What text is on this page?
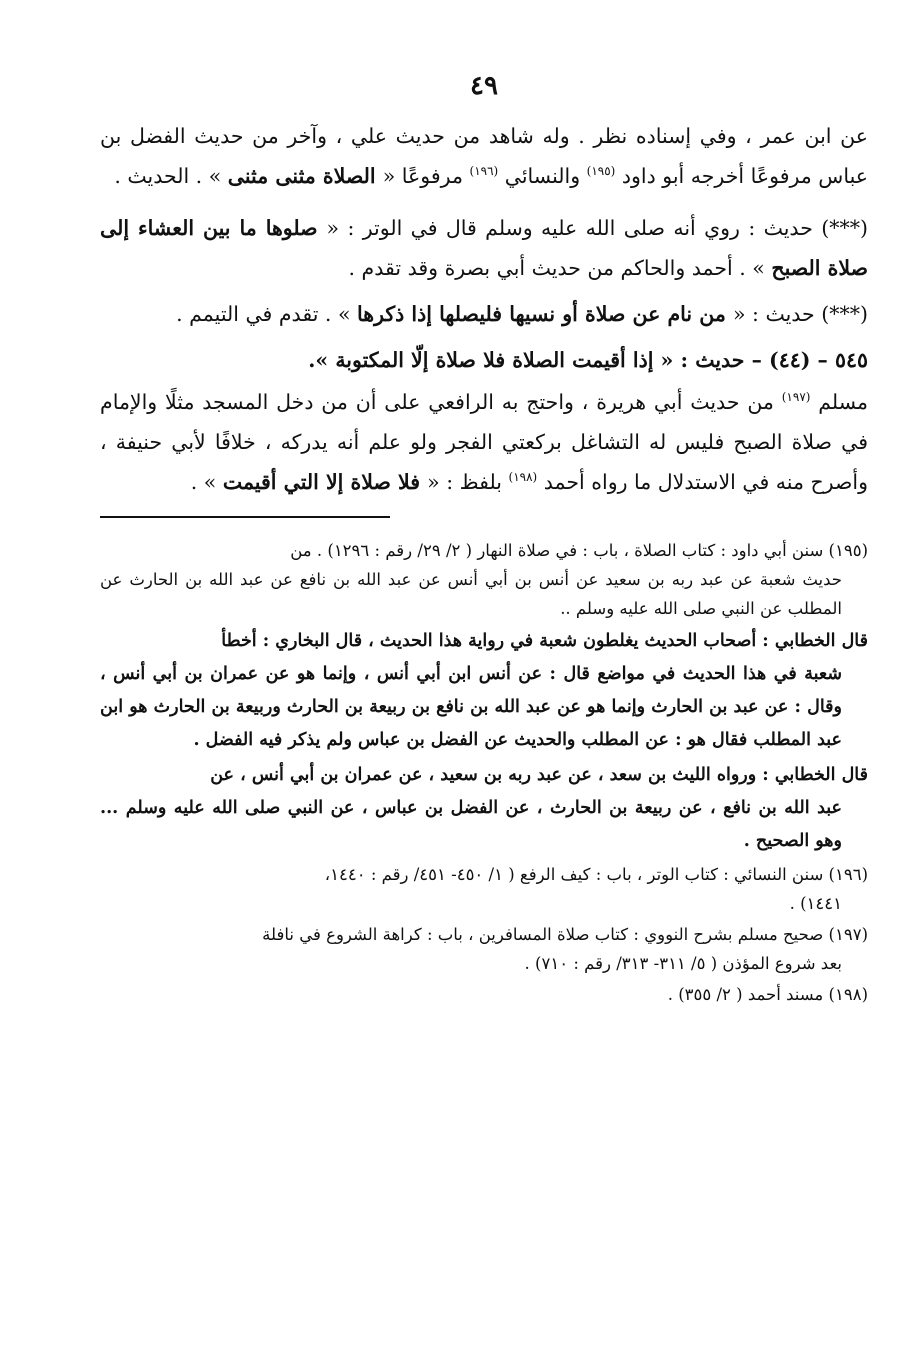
٤٩

عن ابن عمر ، وفي إسناده نظر . وله شاهد من حديث علي ، وآخر من حديث الفضل بن عباس مرفوعًا أخرجه أبو داود $^{(١٩٥)}$ والنسائي $^{(١٩٦)}$ مرفوعًا « الصلاة مثنى مثنى » . الحديث .

(***) حديث : روي أنه صلى الله عليه وسلم قال في الوتر : « صلوها ما بين العشاء إلى صلاة الصبح » . أحمد والحاكم من حديث أبي بصرة وقد تقدم .

(***) حديث : « من نام عن صلاة أو نسيها فليصلها إذا ذكرها » . تقدم في التيمم .

٥٤٥ – (٤٤) – حديث : « إذا أقيمت الصلاة فلا صلاة إلّا المكتوبة ».

مسلم $^{(١٩٧)}$ من حديث أبي هريرة ، واحتج به الرافعي على أن من دخل المسجد مثلًا والإمام في صلاة الصبح فليس له التشاغل بركعتي الفجر ولو علم أنه يدركه ، خلافًا لأبي حنيفة ، وأصرح منه في الاستدلال ما رواه أحمد $^{(١٩٨)}$ بلفظ : « فلا صلاة إلا التي أقيمت » .

(١٩٥) سنن أبي داود : كتاب الصلاة ، باب : في صلاة النهار ( ٢/ ٢٩/ رقم : ١٢٩٦) . من
حديث شعبة عن عبد ربه بن سعيد عن أنس بن أبي أنس عن عبد الله بن نافع عن عبد الله بن الحارث عن المطلب عن النبي صلى الله عليه وسلم ..
قال الخطابي : أصحاب الحديث يغلطون شعبة في رواية هذا الحديث ، قال البخاري : أخطأ
شعبة في هذا الحديث في مواضع قال : عن أنس ابن أبي أنس ، وإنما هو عن عمران بن أبي أنس ، وقال : عن عبد بن الحارث وإنما هو عن عبد الله بن نافع بن ربيعة بن الحارث وربيعة بن الحارث هو ابن عبد المطلب فقال هو : عن المطلب والحديث عن الفضل بن عباس ولم يذكر فيه الفضل .
قال الخطابي : ورواه الليث بن سعد ، عن عبد ربه بن سعيد ، عن عمران بن أبي أنس ، عن
عبد الله بن نافع ، عن ربيعة بن الحارث ، عن الفضل بن عباس ، عن النبي صلى الله عليه وسلم ... وهو الصحيح .
(١٩٦) سنن النسائي : كتاب الوتر ، باب : كيف الرفع ( ١/ ٤٥٠- ٤٥١/ رقم : ١٤٤٠،
١٤٤١) .
(١٩٧) صحيح مسلم بشرح النووي : كتاب صلاة المسافرين ، باب : كراهة الشروع في نافلة
بعد شروع المؤذن ( ٥/ ٣١١- ٣١٣/ رقم : ٧١٠) .
(١٩٨) مسند أحمد ( ٢/ ٣٥٥) .
